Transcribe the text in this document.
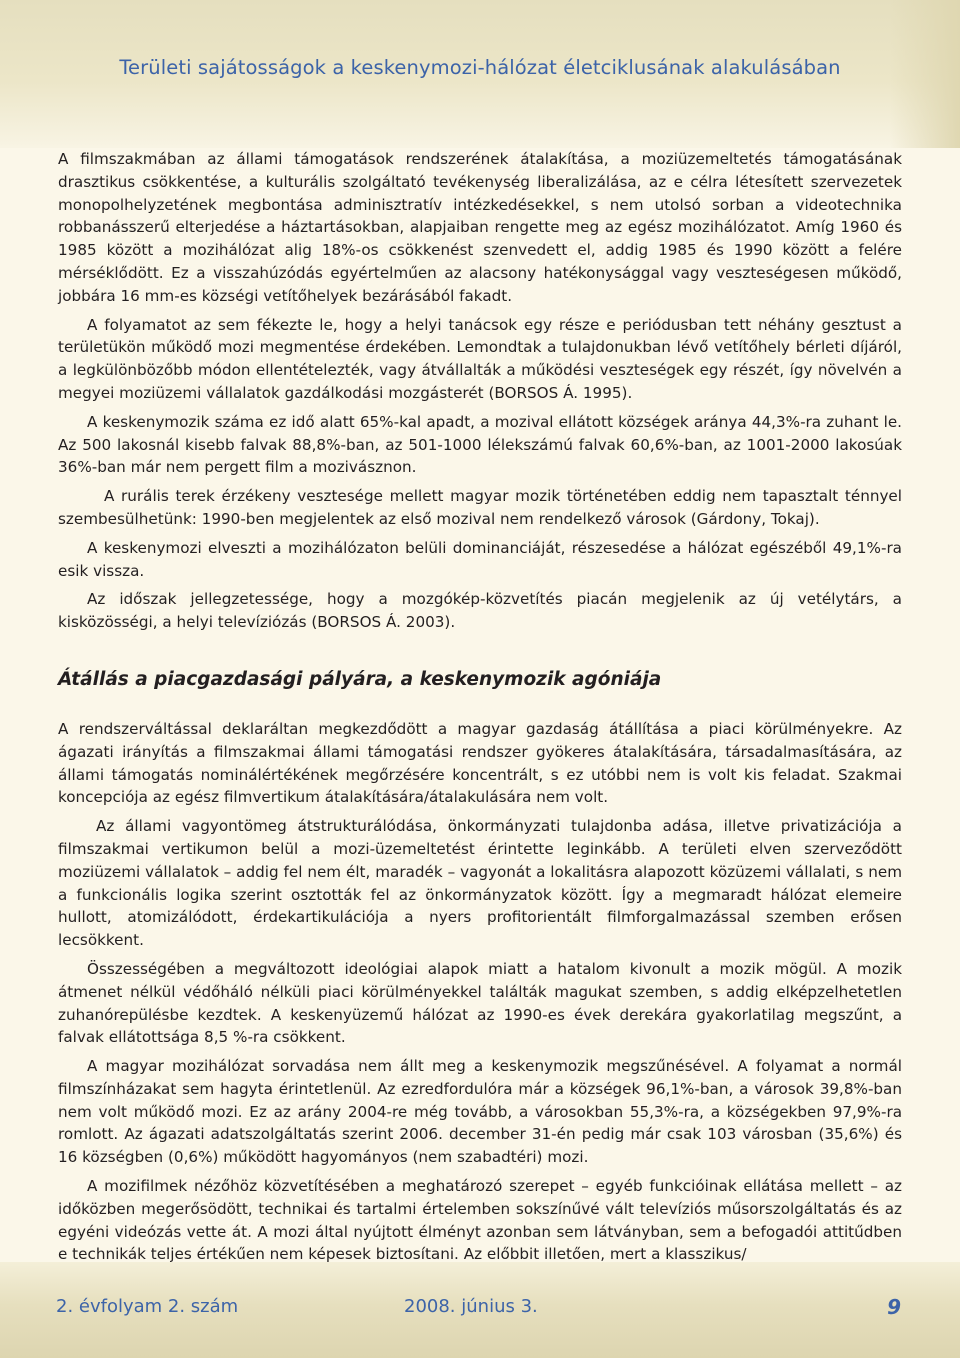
Területi sajátosságok a keskenymozi-hálózat életciklusának alakulásában

A filmszakmában az állami támogatások rendszerének átalakítása, a moziüzemeltetés támogatásának drasztikus csökkentése, a kulturális szolgáltató tevékenység liberalizálása, az e célra létesített szervezetek monopolhelyzetének megbontása adminisztratív intézkedésekkel, s nem utolsó sorban a videotechnika robbanásszerű elterjedése a háztartásokban, alapjaiban rengette meg az egész mozihálózatot. Amíg 1960 és 1985 között a mozihálózat alig 18%-os csökkenést szenvedett el, addig 1985 és 1990 között a felére mérséklődött. Ez a visszahúzódás egyértelműen az alacsony hatékonysággal vagy veszteségesen működő, jobbára 16 mm-es községi vetítőhelyek bezárásából fakadt.

A folyamatot az sem fékezte le, hogy a helyi tanácsok egy része e periódusban tett néhány gesztust a területükön működő mozi megmentése érdekében. Lemondtak a tulajdonukban lévő vetítőhely bérleti díjáról, a legkülönbözőbb módon ellentételezték, vagy átvállalták a működési veszteségek egy részét, így növelvén a megyei moziüzemi vállalatok gazdálkodási mozgásterét (BORSOS Á. 1995).

A keskenymozik száma ez idő alatt 65%-kal apadt, a mozival ellátott községek aránya 44,3%-ra zuhant le. Az 500 lakosnál kisebb falvak 88,8%-ban, az 501-1000 lélekszámú falvak 60,6%-ban, az 1001-2000 lakosúak 36%-ban már nem pergett film a mozivásznon.

A rurális terek érzékeny vesztesége mellett magyar mozik történetében eddig nem tapasztalt ténnyel szembesülhetünk: 1990-ben megjelentek az első mozival nem rendelkező városok (Gárdony, Tokaj).

A keskenymozi elveszti a mozihálózaton belüli dominanciáját, részesedése a hálózat egészéből 49,1%-ra esik vissza.

Az időszak jellegzetessége, hogy a mozgókép-közvetítés piacán megjelenik az új vetélytárs, a kisközösségi, a helyi televíziózás (BORSOS Á. 2003).

Átállás a piacgazdasági pályára, a keskenymozik agóniája

A rendszerváltással deklaráltan megkezdődött a magyar gazdaság átállítása a piaci körülményekre. Az ágazati irányítás a filmszakmai állami támogatási rendszer gyökeres átalakítására, társadalmasítására, az állami támogatás nominálértékének megőrzésére koncentrált, s ez utóbbi nem is volt kis feladat. Szakmai koncepciója az egész filmvertikum átalakítására/átalakulására nem volt.

Az állami vagyontömeg átstrukturálódása, önkormányzati tulajdonba adása, illetve privatizációja a filmszakmai vertikumon belül a mozi-üzemeltetést érintette leginkább. A területi elven szerveződött moziüzemi vállalatok – addig fel nem élt, maradék – vagyonát a lokalitásra alapozott közüzemi vállalati, s nem a funkcionális logika szerint osztották fel az önkormányzatok között. Így a megmaradt hálózat elemeire hullott, atomizálódott, érdekartikulációja a nyers profitorientált filmforgalmazással szemben erősen lecsökkent.

Összességében a megváltozott ideológiai alapok miatt a hatalom kivonult a mozik mögül. A mozik átmenet nélkül védőháló nélküli piaci körülményekkel találták magukat szemben, s addig elképzelhetetlen zuhanórepülésbe kezdtek. A keskenyüzemű hálózat az 1990-es évek derekára gyakorlatilag megszűnt, a falvak ellátottsága 8,5 %-ra csökkent.

A magyar mozihálózat sorvadása nem állt meg a keskenymozik megszűnésével. A folyamat a normál filmszínházakat sem hagyta érintetlenül. Az ezredfordulóra már a községek 96,1%-ban, a városok 39,8%-ban nem volt működő mozi. Ez az arány 2004-re még tovább, a városokban 55,3%-ra, a községekben 97,9%-ra romlott. Az ágazati adatszolgáltatás szerint 2006. december 31-én pedig már csak 103 városban (35,6%) és 16 községben (0,6%) működött hagyományos (nem szabadtéri) mozi.

A mozifilmek nézőhöz közvetítésében a meghatározó szerepet – egyéb funkcióinak ellátása mellett – az időközben megerősödött, technikai és tartalmi értelemben sokszínűvé vált televíziós műsorszolgáltatás és az egyéni videózás vette át. A mozi által nyújtott élményt azonban sem látványban, sem a befogadói attitűdben e technikák teljes értékűen nem képesek biztosítani. Az előbbit illetően, mert a klasszikus/

2. évfolyam 2. szám	2008. június 3.	9
